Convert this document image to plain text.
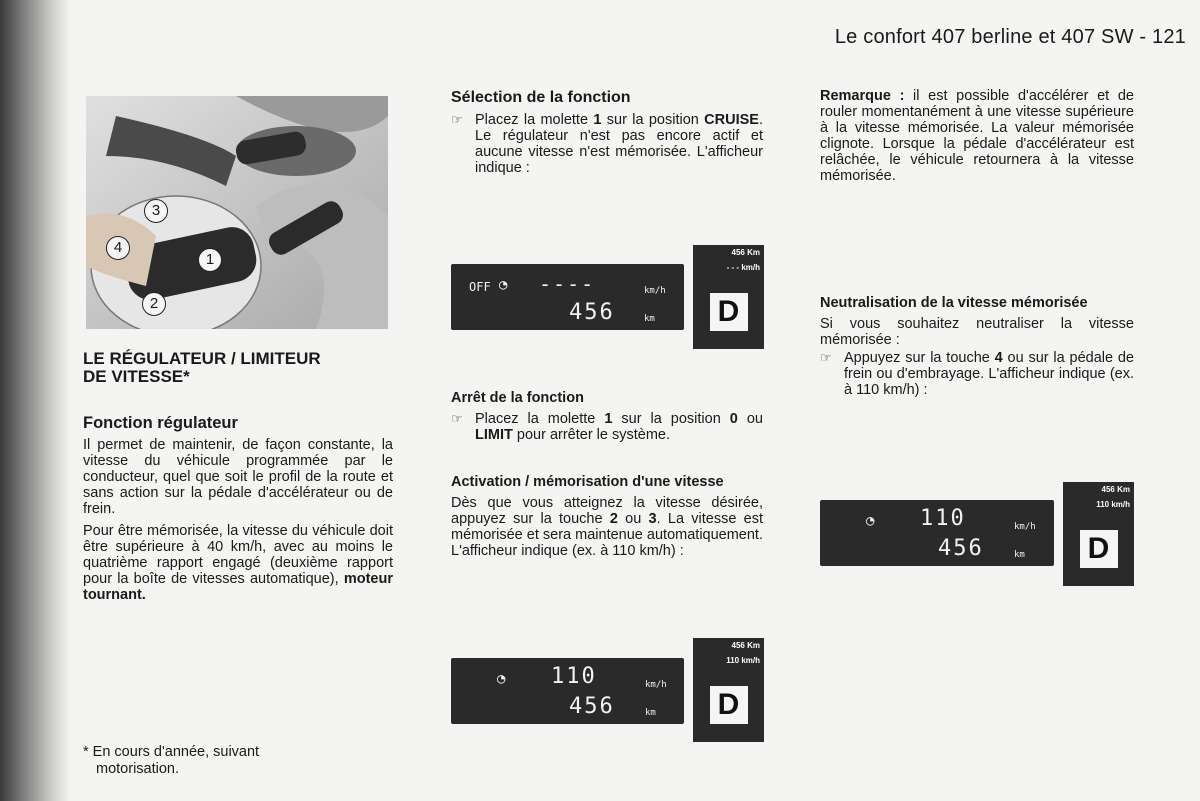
Le confort 407 berline et 407 SW - 121
3
4
1
2
LE RÉGULATEUR / LIMITEUR
DE VITESSE*
Fonction régulateur

Il permet de maintenir, de façon constante, la vitesse du véhicule programmée par le conducteur, quel que soit le profil de la route et sans action sur la pédale d'accélérateur ou de frein.

Pour être mémorisée, la vitesse du véhicule doit être supérieure à 40 km/h, avec au moins le quatrième rapport engagé (deuxième rapport pour la boîte de vitesses automatique), moteur tournant.

* En cours d'année, suivant
motorisation.
Sélection de la fonction
☞ Placez la molette 1 sur la position CRUISE. Le régulateur n'est pas encore actif et aucune vitesse n'est mémorisée. L'afficheur indique :

OFF ◔ ----	km/h
456	km
456 Km
- - - km/h
D
Arrêt de la fonction
☞ Placez la molette 1 sur la position 0 ou LIMIT pour arrêter le système.

Activation / mémorisation d'une vitesse

Dès que vous atteignez la vitesse désirée, appuyez sur la touche 2 ou 3. La vitesse est mémorisée et sera maintenue automatiquement. L'afficheur indique (ex. à 110 km/h) :

◔ 110	km/h
456	km
456 Km
110 km/h
D

Remarque : il est possible d'accélérer et de rouler momentanément à une vitesse supérieure à la vitesse mémorisée. La valeur mémorisée clignote. Lorsque la pédale d'accélérateur est relâchée, le véhicule retournera à la vitesse mémorisée.

Neutralisation de la vitesse mémorisée

Si vous souhaitez neutraliser la vitesse mémorisée :

☞ Appuyez sur la touche 4 ou sur la pédale de frein ou d'embrayage. L'afficheur indique (ex. à 110 km/h) :

◔ 110	km/h
456	km
456 Km
110 km/h
D
